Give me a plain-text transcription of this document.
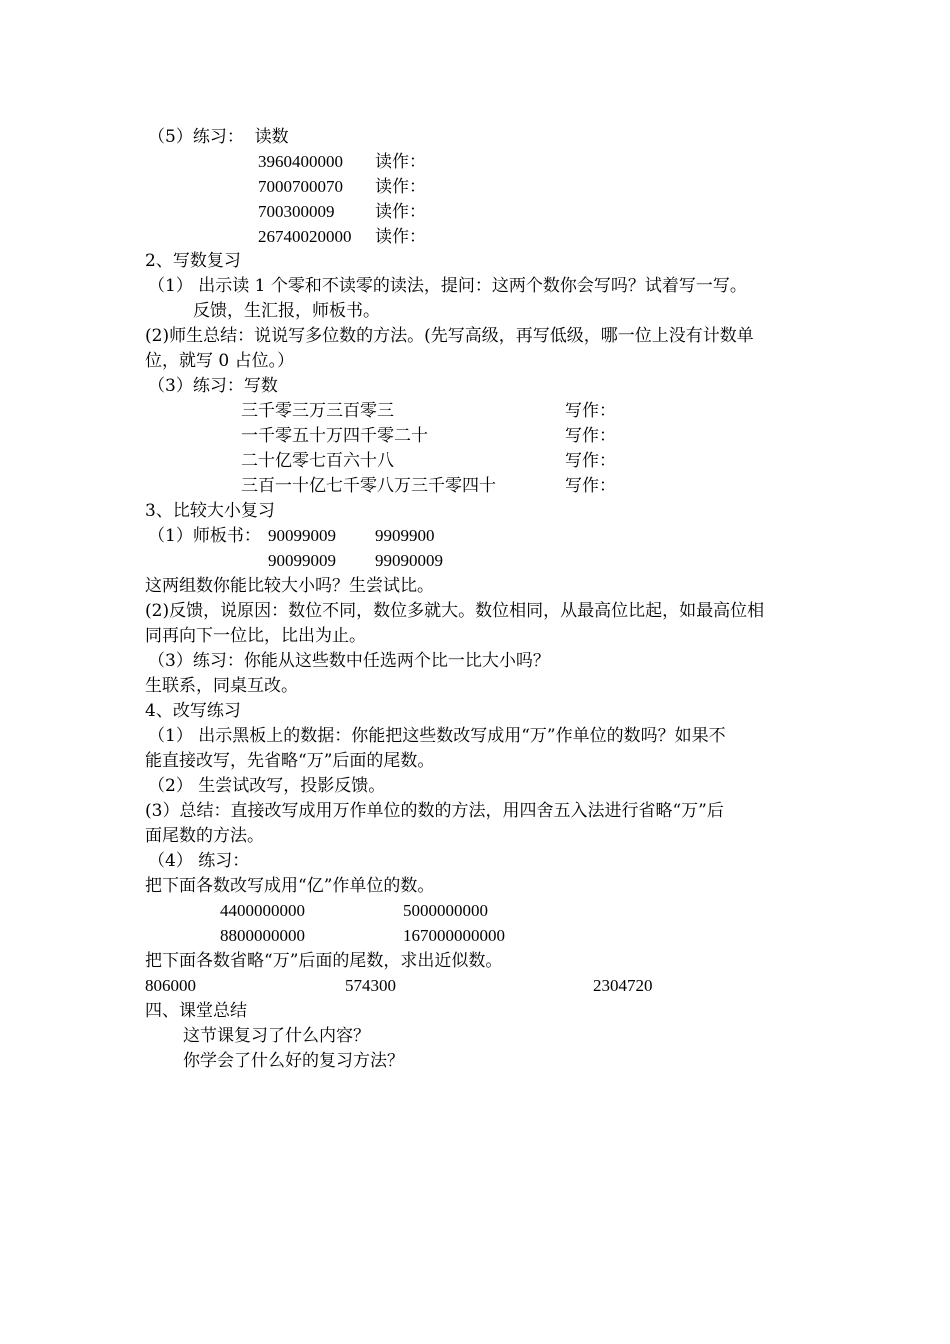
（5）练习：  读数
3960400000 读作：
7000700070 读作：
700300009 读作：
26740020000 读作：
2、写数复习
（1） 出示读 1 个零和不读零的读法，提问：这两个数你会写吗？试着写一写。
反馈，生汇报，师板书。
(2)师生总结：说说写多位数的方法。(先写高级，再写低级，哪一位上没有计数单
位，就写 0 占位。）
（3）练习：写数
三千零三万三百零三	写作：
一千零五十万四千零二十	写作：
二十亿零七百六十八	写作：
三百一十亿七千零八万三千零四十	写作：
3、比较大小复习
（1）师板书： 90099009 9909900
90099009 99090009
这两组数你能比较大小吗？生尝试比。
(2)反馈，说原因：数位不同，数位多就大。数位相同，从最高位比起，如最高位相
同再向下一位比，比出为止。
（3）练习：你能从这些数中任选两个比一比大小吗？
生联系，同桌互改。
4、改写练习
（1） 出示黑板上的数据：你能把这些数改写成用“万”作单位的数吗？如果不
能直接改写，先省略“万”后面的尾数。
（2） 生尝试改写，投影反馈。
(3）总结：直接改写成用万作单位的数的方法，用四舍五入法进行省略“万”后
面尾数的方法。
（4） 练习：
把下面各数改写成用“亿”作单位的数。
4400000000	5000000000
8800000000	167000000000
把下面各数省略“万”后面的尾数，求出近似数。
806000	574300	2304720
四、课堂总结
这节课复习了什么内容？
你学会了什么好的复习方法？
